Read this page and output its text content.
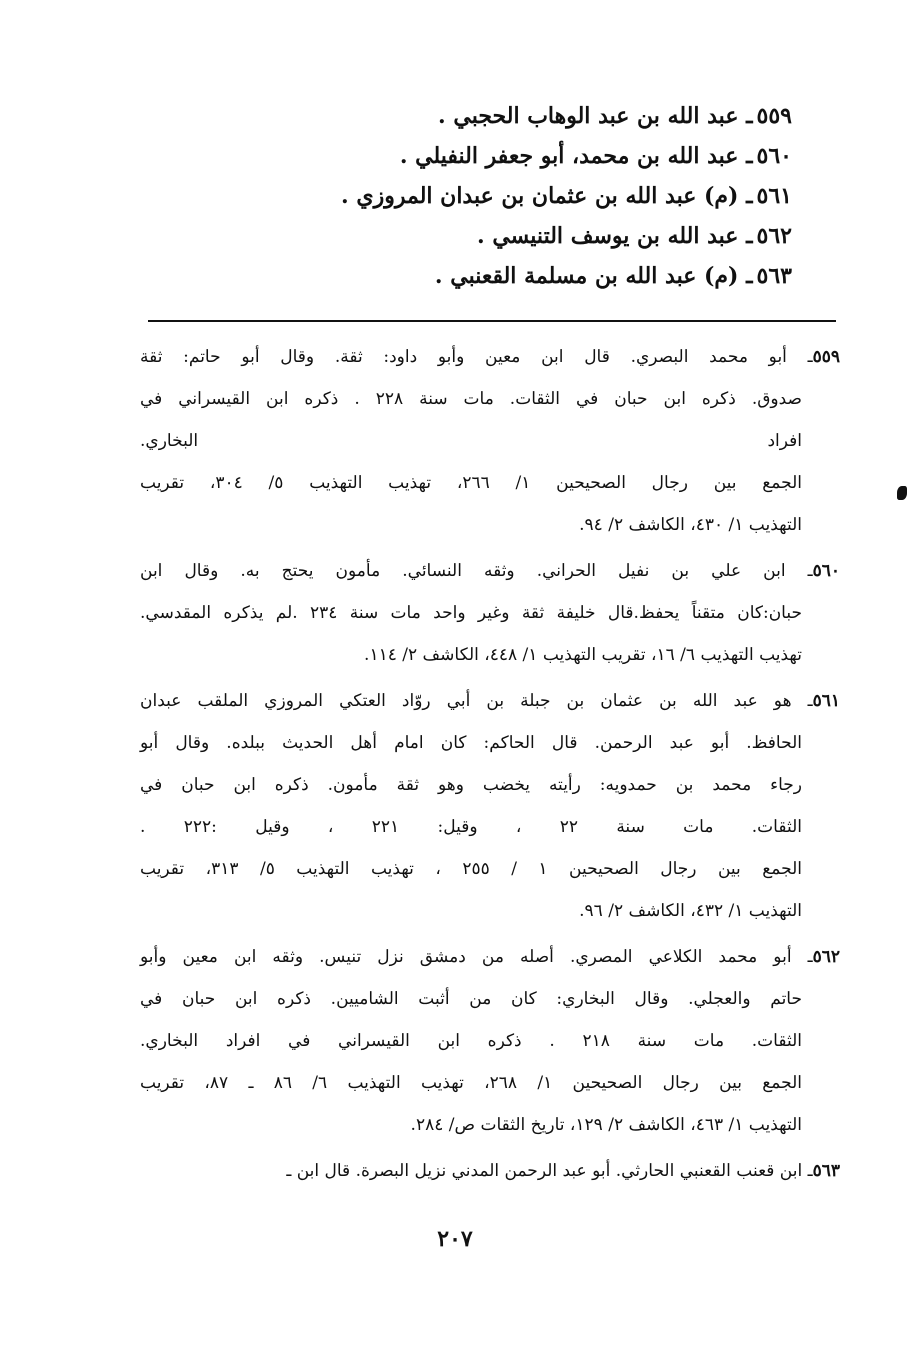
٥٥٩ـ عبد الله بن عبد الوهاب الحجبي .
٥٦٠ـ عبد الله بن محمد، أبو جعفر النفيلي .
٥٦١ـ (م) عبد الله بن عثمان بن عبدان المروزي .
٥٦٢ـ عبد الله بن يوسف التنيسي .
٥٦٣ـ (م) عبد الله بن مسلمة القعنبي .
٥٥٩ـ أبو محمد البصري. قال ابن معين وأبو داود: ثقة. وقال أبو حاتم: ثقة
صدوق. ذكره ابن حبان في الثقات. مات سنة ٢٢٨ . ذكره ابن القيسراني في
افراد البخاري.
الجمع بين رجال الصحيحين ١/ ٢٦٦، تهذيب التهذيب ٥/ ٣٠٤، تقريب
التهذيب ١/ ٤٣٠، الكاشف ٢/ ٩٤.
٥٦٠ـ ابن علي بن نفيل الحراني. وثقه النسائي. مأمون يحتج به. وقال ابن
حبان:كان متقناً يحفظ.قال خليفة ثقة وغير واحد مات سنة ٢٣٤ .لم يذكره المقدسي.
تهذيب التهذيب ٦/ ١٦، تقريب التهذيب ١/ ٤٤٨، الكاشف ٢/ ١١٤.
٥٦١ـ هو عبد الله بن عثمان بن جبلة بن أبي روّاد العتكي المروزي الملقب عبدان
الحافظ. أبو عبد الرحمن. قال الحاكم: كان امام أهل الحديث ببلده. وقال أبو
رجاء محمد بن حمدويه: رأيته يخضب وهو ثقة مأمون. ذكره ابن حبان في
الثقات. مات سنة ٢٢ ، وقيل: ٢٢١ ، وقيل :٢٢٢ .
الجمع بين رجال الصحيحين ١ / ٢٥٥ ، تهذيب التهذيب ٥/ ٣١٣، تقريب
التهذيب ١/ ٤٣٢، الكاشف ٢/ ٩٦.
٥٦٢ـ أبو محمد الكلاعي المصري. أصله من دمشق نزل تنيس. وثقه ابن معين وأبو
حاتم والعجلي. وقال البخاري: كان من أثبت الشاميين. ذكره ابن حبان في
الثقات. مات سنة ٢١٨ . ذكره ابن القيسراني في افراد البخاري.
الجمع بين رجال الصحيحين ١/ ٢٦٨، تهذيب التهذيب ٦/ ٨٦ ـ ٨٧، تقريب
التهذيب ١/ ٤٦٣، الكاشف ٢/ ١٢٩، تاريخ الثقات ص/ ٢٨٤.
٥٦٣ـ ابن قعنب القعنبي الحارثي. أبو عبد الرحمن المدني نزيل البصرة. قال ابن ـ
٢٠٧
